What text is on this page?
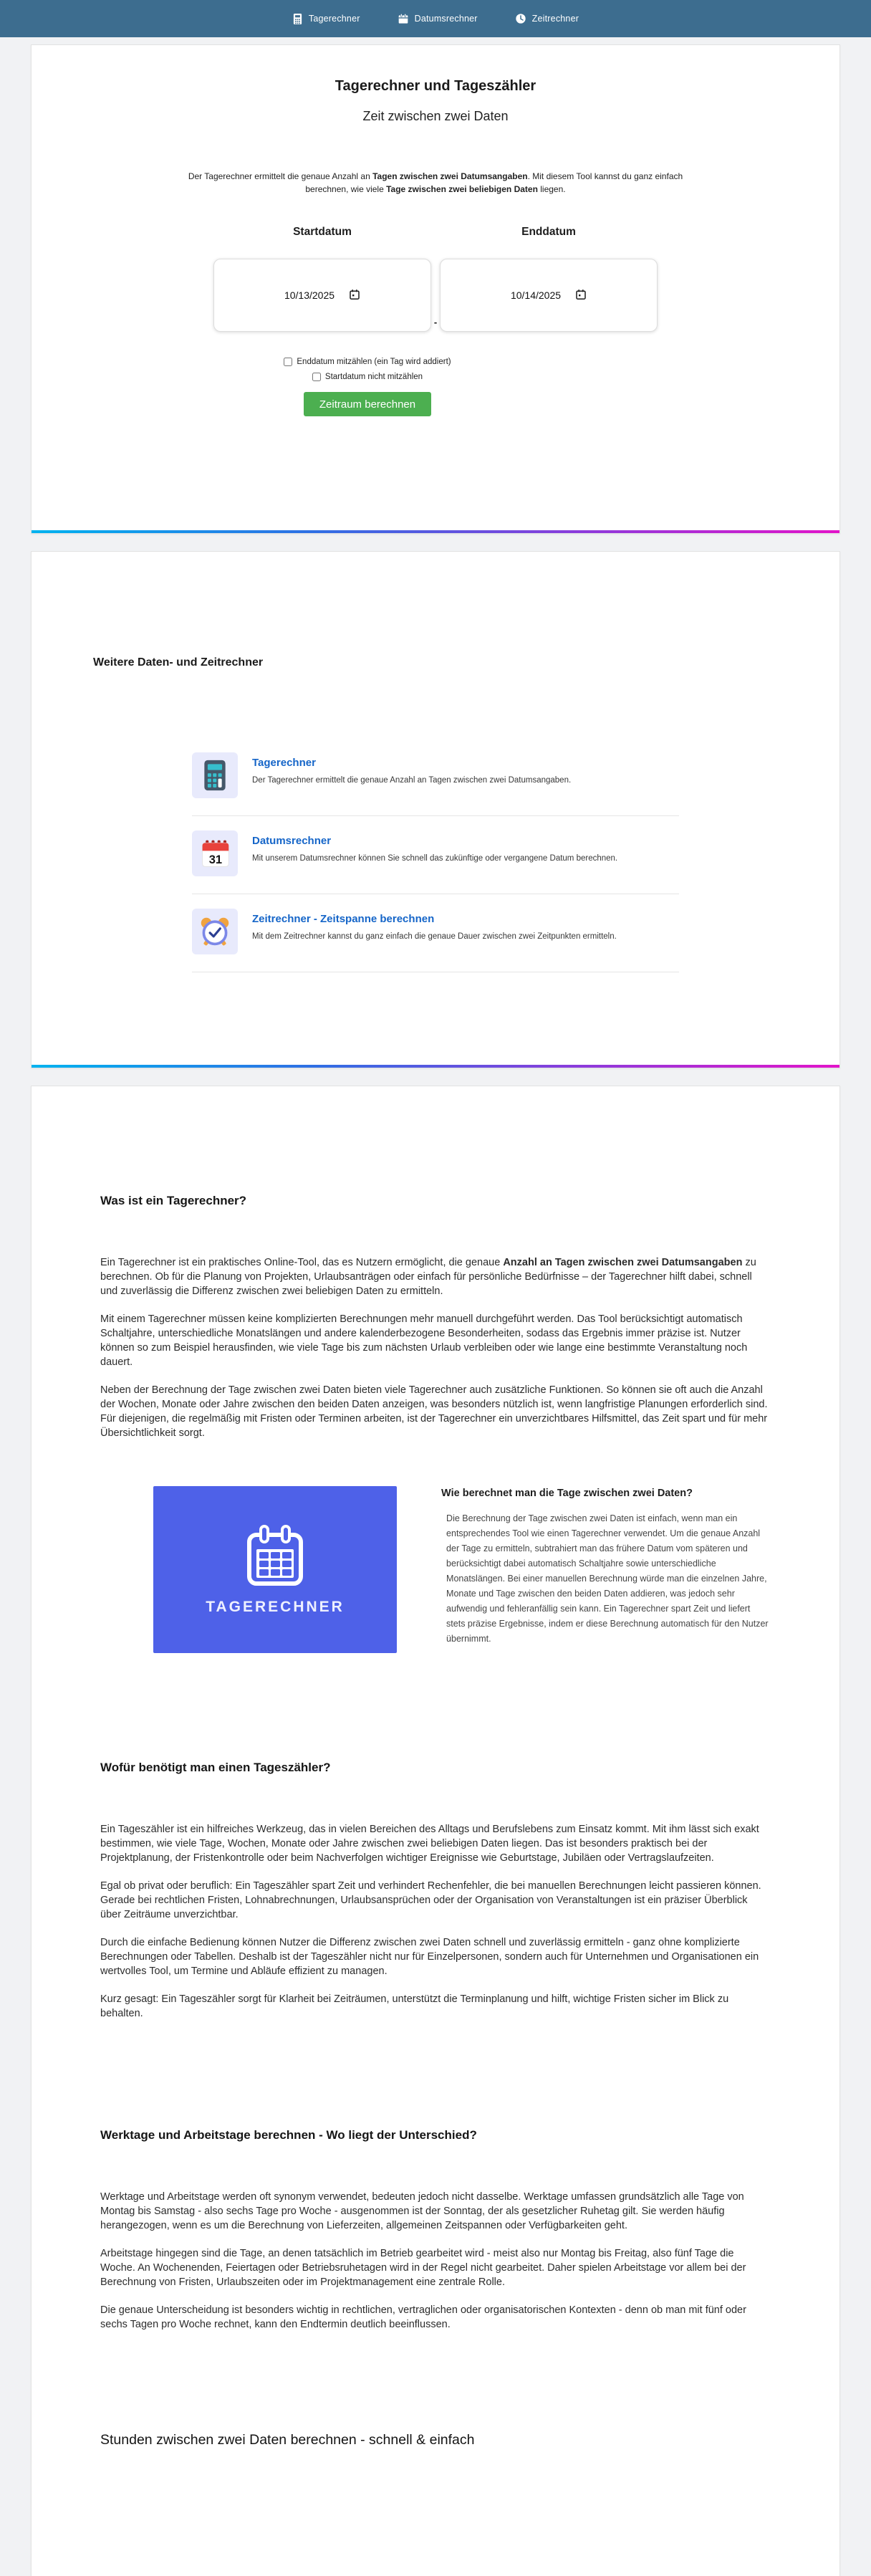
Tagerechner	Datumsrechner	Zeitrechner
Tagerechner und Tageszähler
Zeit zwischen zwei Daten

Der Tagerechner ermittelt die genaue Anzahl an Tagen zwischen zwei Datumsangaben. Mit diesem Tool kannst du ganz einfach berechnen, wie viele Tage zwischen zwei beliebigen Daten liegen.

Startdatum
10/13/2025
-
Enddatum
10/14/2025
Enddatum mitzählen (ein Tag wird addiert)
Startdatum nicht mitzählen
Zeitraum berechnen
Weitere Daten- und Zeitrechner
Tagerechner
Der Tagerechner ermittelt die genaue Anzahl an Tagen zwischen zwei Datumsangaben.
31
Datumsrechner
Mit unserem Datumsrechner können Sie schnell das zukünftige oder vergangene Datum berechnen.
Zeitrechner - Zeitspanne berechnen
Mit dem Zeitrechner kannst du ganz einfach die genaue Dauer zwischen zwei Zeitpunkten ermitteln.
Was ist ein Tagerechner?

Ein Tagerechner ist ein praktisches Online-Tool, das es Nutzern ermöglicht, die genaue Anzahl an Tagen zwischen zwei Datumsangaben zu berechnen. Ob für die Planung von Projekten, Urlaubsanträgen oder einfach für persönliche Bedürfnisse – der Tagerechner hilft dabei, schnell und zuverlässig die Differenz zwischen zwei beliebigen Daten zu ermitteln.

Mit einem Tagerechner müssen keine komplizierten Berechnungen mehr manuell durchgeführt werden. Das Tool berücksichtigt automatisch Schaltjahre, unterschiedliche Monatslängen und andere kalenderbezogene Besonderheiten, sodass das Ergebnis immer präzise ist. Nutzer können so zum Beispiel herausfinden, wie viele Tage bis zum nächsten Urlaub verbleiben oder wie lange eine bestimmte Veranstaltung noch dauert.

Neben der Berechnung der Tage zwischen zwei Daten bieten viele Tagerechner auch zusätzliche Funktionen. So können sie oft auch die Anzahl der Wochen, Monate oder Jahre zwischen den beiden Daten anzeigen, was besonders nützlich ist, wenn langfristige Planungen erforderlich sind. Für diejenigen, die regelmäßig mit Fristen oder Terminen arbeiten, ist der Tagerechner ein unverzichtbares Hilfsmittel, das Zeit spart und für mehr Übersichtlichkeit sorgt.

TAGERECHNER
Wie berechnet man die Tage zwischen zwei Daten?

Die Berechnung der Tage zwischen zwei Daten ist einfach, wenn man ein entsprechendes Tool wie einen Tagerechner verwendet. Um die genaue Anzahl der Tage zu ermitteln, subtrahiert man das frühere Datum vom späteren und berücksichtigt dabei automatisch Schaltjahre sowie unterschiedliche Monatslängen. Bei einer manuellen Berechnung würde man die einzelnen Jahre, Monate und Tage zwischen den beiden Daten addieren, was jedoch sehr aufwendig und fehleranfällig sein kann. Ein Tagerechner spart Zeit und liefert stets präzise Ergebnisse, indem er diese Berechnung automatisch für den Nutzer übernimmt.

Wofür benötigt man einen Tageszähler?

Ein Tageszähler ist ein hilfreiches Werkzeug, das in vielen Bereichen des Alltags und Berufslebens zum Einsatz kommt. Mit ihm lässt sich exakt bestimmen, wie viele Tage, Wochen, Monate oder Jahre zwischen zwei beliebigen Daten liegen. Das ist besonders praktisch bei der Projektplanung, der Fristenkontrolle oder beim Nachverfolgen wichtiger Ereignisse wie Geburtstage, Jubiläen oder Vertragslaufzeiten.

Egal ob privat oder beruflich: Ein Tageszähler spart Zeit und verhindert Rechenfehler, die bei manuellen Berechnungen leicht passieren können. Gerade bei rechtlichen Fristen, Lohnabrechnungen, Urlaubsansprüchen oder der Organisation von Veranstaltungen ist ein präziser Überblick über Zeiträume unverzichtbar.

Durch die einfache Bedienung können Nutzer die Differenz zwischen zwei Daten schnell und zuverlässig ermitteln - ganz ohne komplizierte Berechnungen oder Tabellen. Deshalb ist der Tageszähler nicht nur für Einzelpersonen, sondern auch für Unternehmen und Organisationen ein wertvolles Tool, um Termine und Abläufe effizient zu managen.

Kurz gesagt: Ein Tageszähler sorgt für Klarheit bei Zeiträumen, unterstützt die Terminplanung und hilft, wichtige Fristen sicher im Blick zu behalten.

Werktage und Arbeitstage berechnen - Wo liegt der Unterschied?

Werktage und Arbeitstage werden oft synonym verwendet, bedeuten jedoch nicht dasselbe. Werktage umfassen grundsätzlich alle Tage von Montag bis Samstag - also sechs Tage pro Woche - ausgenommen ist der Sonntag, der als gesetzlicher Ruhetag gilt. Sie werden häufig herangezogen, wenn es um die Berechnung von Lieferzeiten, allgemeinen Zeitspannen oder Verfügbarkeiten geht.

Arbeitstage hingegen sind die Tage, an denen tatsächlich im Betrieb gearbeitet wird - meist also nur Montag bis Freitag, also fünf Tage die Woche. An Wochenenden, Feiertagen oder Betriebsruhetagen wird in der Regel nicht gearbeitet. Daher spielen Arbeitstage vor allem bei der Berechnung von Fristen, Urlaubszeiten oder im Projektmanagement eine zentrale Rolle.

Die genaue Unterscheidung ist besonders wichtig in rechtlichen, vertraglichen oder organisatorischen Kontexten - denn ob man mit fünf oder sechs Tagen pro Woche rechnet, kann den Endtermin deutlich beeinflussen.

Stunden zwischen zwei Daten berechnen - schnell & einfach
